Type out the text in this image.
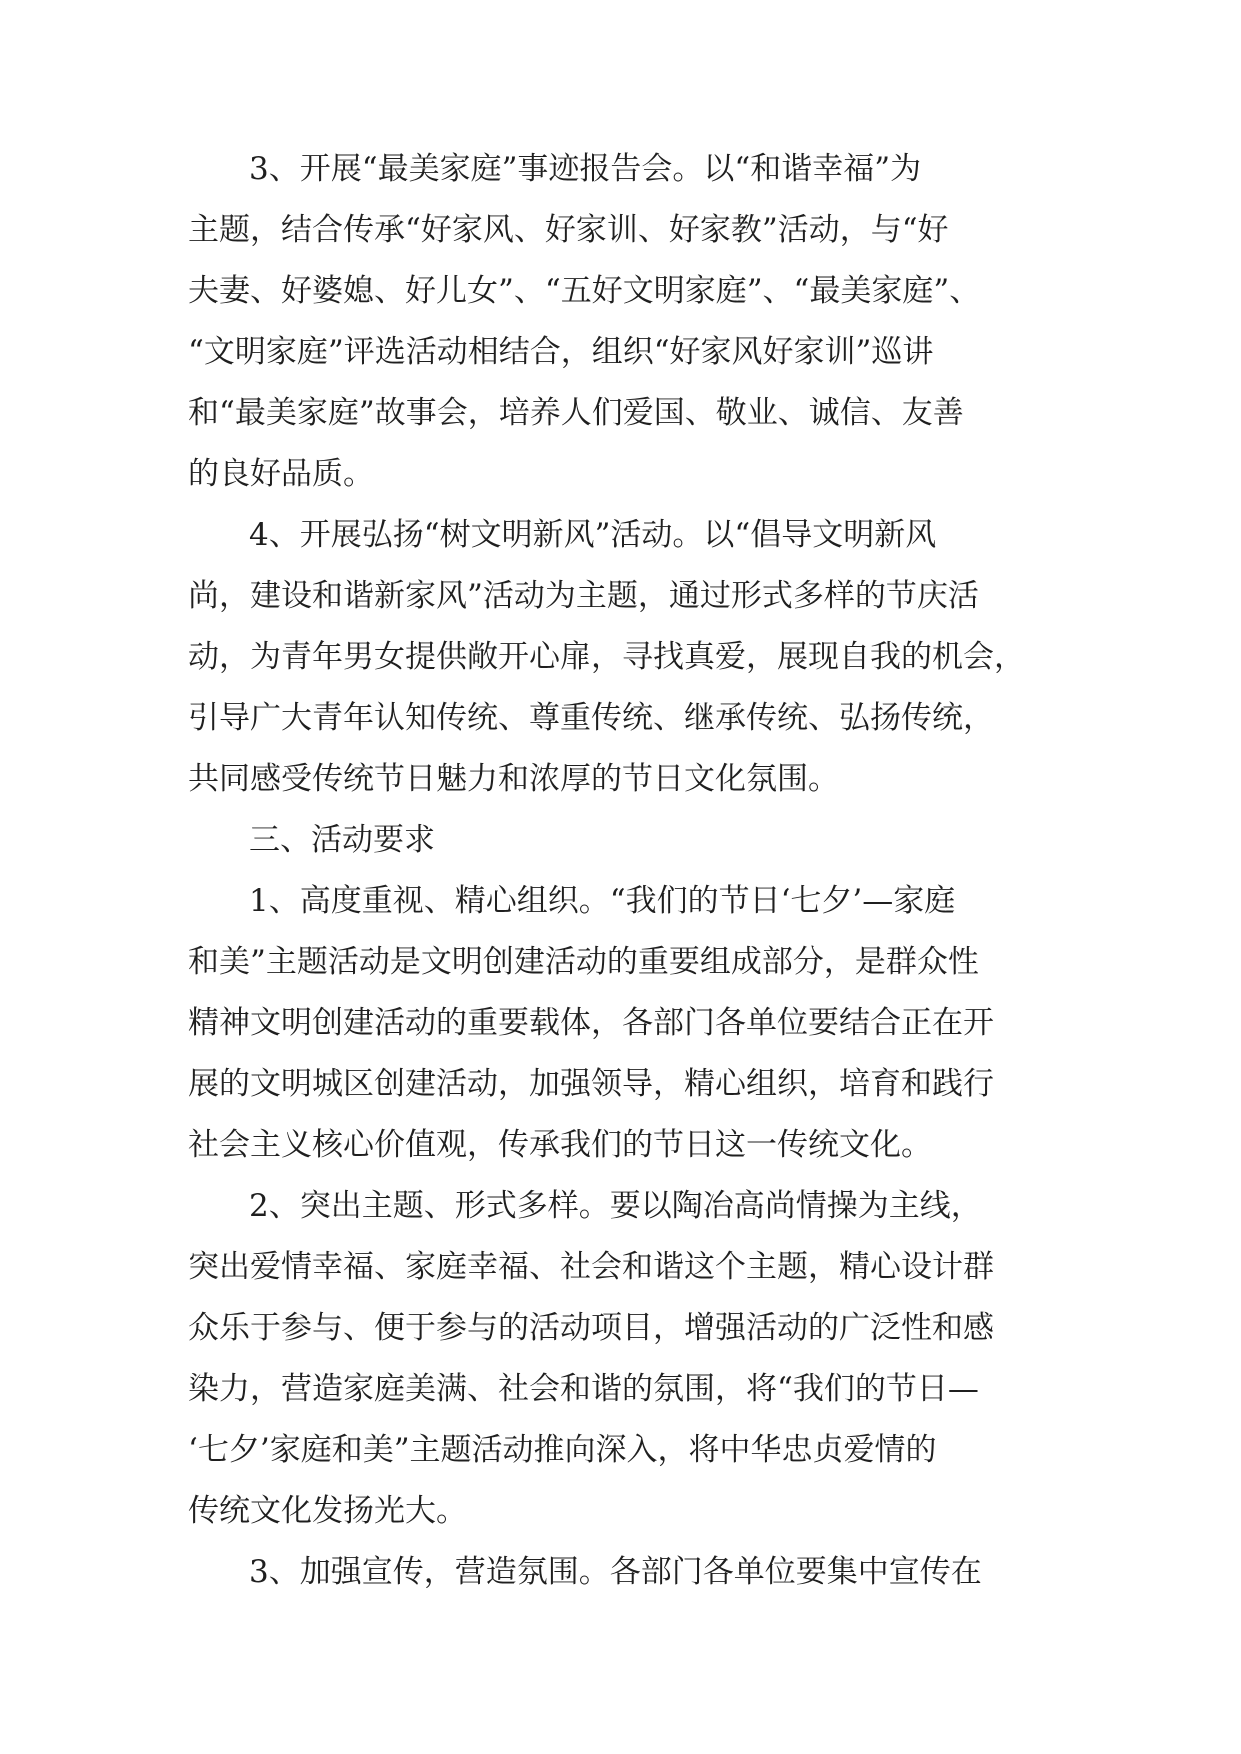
3、开展“最美家庭”事迹报告会。以“和谐幸福”为
主题，结合传承“好家风、好家训、好家教”活动，与“好
夫妻、好婆媳、好儿女”、“五好文明家庭”、“最美家庭”、
“文明家庭”评选活动相结合，组织“好家风好家训”巡讲
和“最美家庭”故事会，培养人们爱国、敬业、诚信、友善
的良好品质。
4、开展弘扬“树文明新风”活动。以“倡导文明新风
尚，建设和谐新家风”活动为主题，通过形式多样的节庆活
动，为青年男女提供敞开心扉，寻找真爱，展现自我的机会，
引导广大青年认知传统、尊重传统、继承传统、弘扬传统，
共同感受传统节日魅力和浓厚的节日文化氛围。
三、活动要求
1、高度重视、精心组织。“我们的节日‘七夕’—家庭
和美”主题活动是文明创建活动的重要组成部分，是群众性
精神文明创建活动的重要载体，各部门各单位要结合正在开
展的文明城区创建活动，加强领导，精心组织，培育和践行
社会主义核心价值观，传承我们的节日这一传统文化。
2、突出主题、形式多样。要以陶冶高尚情操为主线，
突出爱情幸福、家庭幸福、社会和谐这个主题，精心设计群
众乐于参与、便于参与的活动项目，增强活动的广泛性和感
染力，营造家庭美满、社会和谐的氛围，将“我们的节日—
‘七夕’家庭和美”主题活动推向深入，将中华忠贞爱情的
传统文化发扬光大。
3、加强宣传，营造氛围。各部门各单位要集中宣传在
